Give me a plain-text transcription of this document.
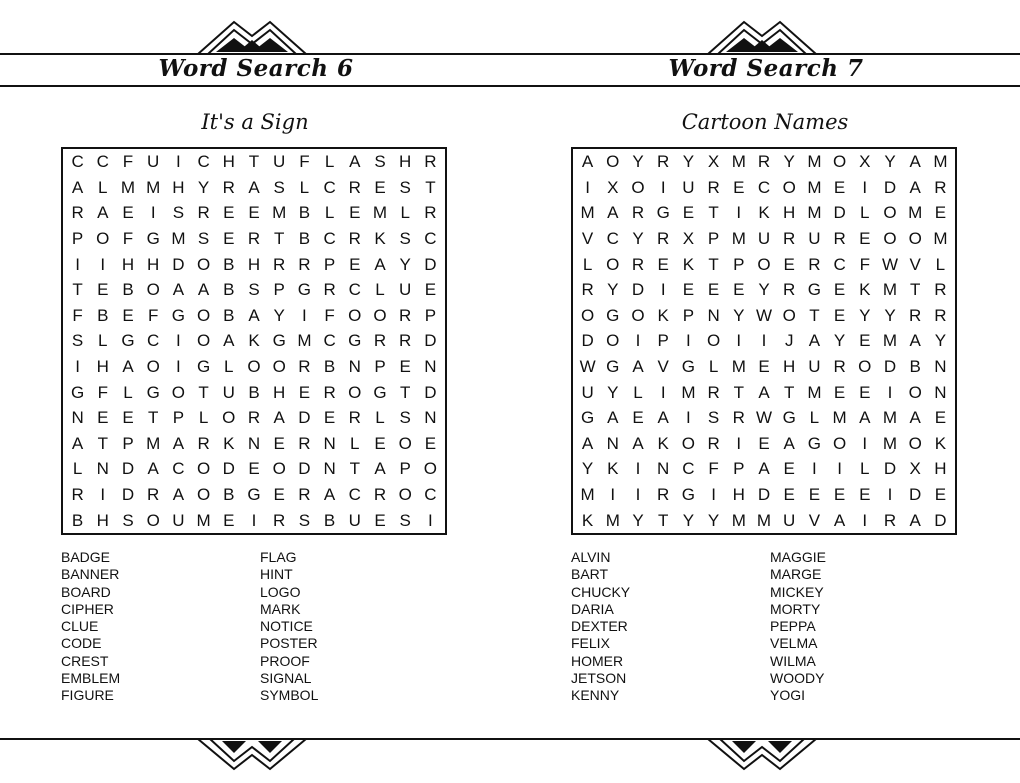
Word Search 6	Word Search 7
It's a Sign	Cartoon Names
C C F U I C H T U F L A S H R
A L M M H Y R A S L C R E S T
R A E	I	S R E E M B L E M L R
P O F G M S E R T B C R K S C
I	I H H D O B H R R P E A Y D
T E B O A A B S P G R C L U E
F B E F G O B A Y	I	F O O R P
S L G C I O A K G M C G R R D
I H A O I G L O O R B N P E N
G F L G O T U B H E R O G T D
N E E T P L O R A D E R L S N
A T P M A R K N E R N L E O E
L N D A C O D E O D N T A P O
R I D R A O B G E R A C R O C
B H S O U M E	I R S B U E S	I
A O Y R Y X M R Y M O X Y A M
I	X O I U R E C O M E	I D A R
M A R G E T	I	K H M D L O M E
V C Y R X P M U R U R E O O M
L O R E K T P O E R C F W V L
R Y D I	E E E Y R G E K M T R
O G O K P N Y W O T E Y Y R R
D O I	P	I O I	I	J A Y E M A Y
W G A V G L M E H U R O D B N
U Y L	I M R T A T M E E	I O N
G A E A	I	S R W G L M A M A E
A N A K O R I	E A G O I M O K
Y K	I N C F P A E	I	I	L D X H
M I	I R G I H D E E E E	I D E
K M Y T Y Y M M U V A	I R A D
BADGE
BANNER
BOARD
CIPHER
CLUE
CODE
CREST
EMBLEM
FIGURE
FLAG
HINT
LOGO
MARK
NOTICE
POSTER
PROOF
SIGNAL
SYMBOL
ALVIN
BART
CHUCKY
DARIA
DEXTER
FELIX
HOMER
JETSON
KENNY
MAGGIE
MARGE
MICKEY
MORTY
PEPPA
VELMA
WILMA
WOODY
YOGI
